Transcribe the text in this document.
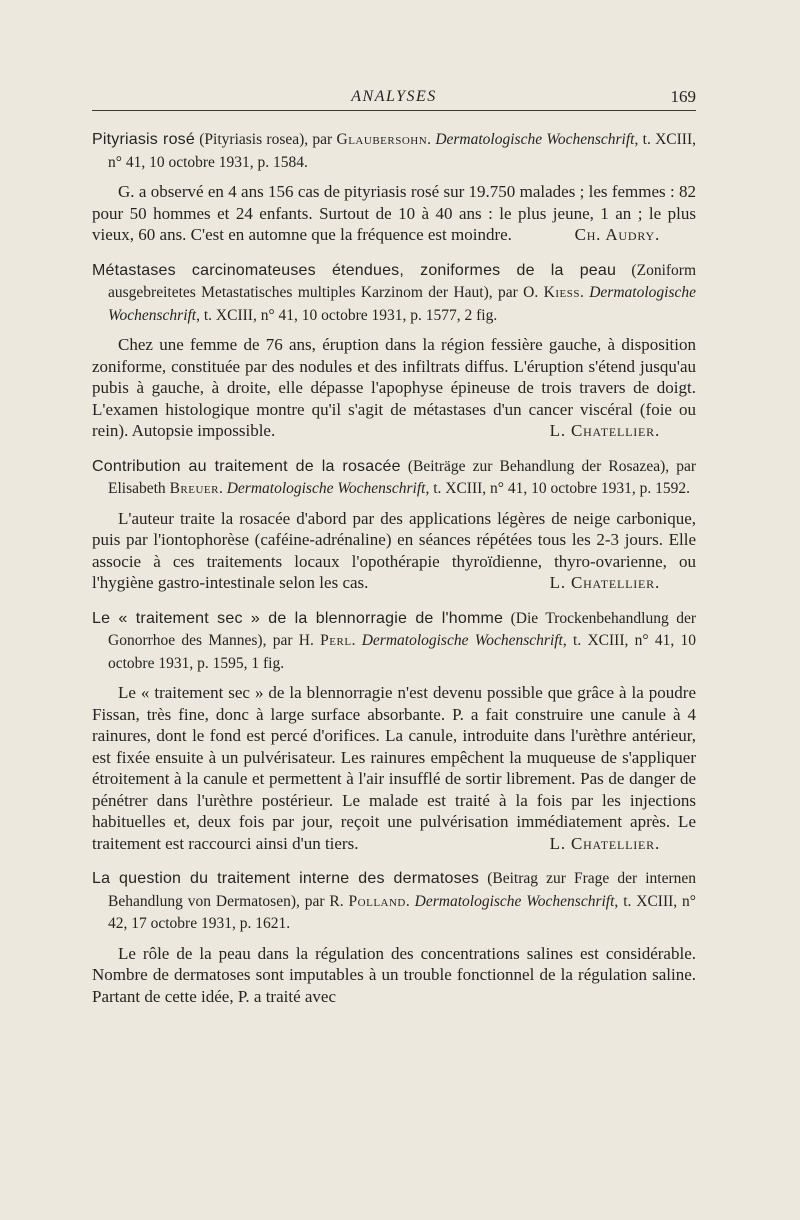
ANALYSES	169
Pityriasis rosé (Pityriasis rosea), par Glaubersohn. Dermatologische Wochenschrift, t. XCIII, n° 41, 10 octobre 1931, p. 1584.

G. a observé en 4 ans 156 cas de pityriasis rosé sur 19.750 malades ; les femmes : 82 pour 50 hommes et 24 enfants. Surtout de 10 à 40 ans : le plus jeune, 1 an ; le plus vieux, 60 ans. C'est en automne que la fréquence est moindre.	Ch. Audry.

Métastases carcinomateuses étendues, zoniformes de la peau (Zoniform ausgebreitetes Metastatisches multiples Karzinom der Haut), par O. Kiess. Dermatologische Wochenschrift, t. XCIII, n° 41, 10 octobre 1931, p. 1577, 2 fig.

Chez une femme de 76 ans, éruption dans la région fessière gauche, à disposition zoniforme, constituée par des nodules et des infiltrats diffus. L'éruption s'étend jusqu'au pubis à gauche, à droite, elle dépasse l'apophyse épineuse de trois travers de doigt. L'examen histologique montre qu'il s'agit de métastases d'un cancer viscéral (foie ou rein). Autopsie impossible.	L. Chatellier.

Contribution au traitement de la rosacée (Beiträge zur Behandlung der Rosazea), par Elisabeth Breuer. Dermatologische Wochenschrift, t. XCIII, n° 41, 10 octobre 1931, p. 1592.

L'auteur traite la rosacée d'abord par des applications légères de neige carbonique, puis par l'iontophorèse (caféine-adrénaline) en séances répétées tous les 2-3 jours. Elle associe à ces traitements locaux l'opothérapie thyroïdienne, thyro-ovarienne, ou l'hygiène gastro-intestinale selon les cas.	L. Chatellier.

Le « traitement sec » de la blennorragie de l'homme (Die Trockenbehandlung der Gonorrhoe des Mannes), par H. Perl. Dermatologische Wochenschrift, t. XCIII, n° 41, 10 octobre 1931, p. 1595, 1 fig.

Le « traitement sec » de la blennorragie n'est devenu possible que grâce à la poudre Fissan, très fine, donc à large surface absorbante. P. a fait construire une canule à 4 rainures, dont le fond est percé d'orifices. La canule, introduite dans l'urèthre antérieur, est fixée ensuite à un pulvérisateur. Les rainures empêchent la muqueuse de s'appliquer étroitement à la canule et permettent à l'air insufflé de sortir librement. Pas de danger de pénétrer dans l'urèthre postérieur. Le malade est traité à la fois par les injections habituelles et, deux fois par jour, reçoit une pulvérisation immédiatement après. Le traitement est raccourci ainsi d'un tiers.	L. Chatellier.

La question du traitement interne des dermatoses (Beitrag zur Frage der internen Behandlung von Dermatosen), par R. Polland. Dermatologische Wochenschrift, t. XCIII, n° 42, 17 octobre 1931, p. 1621.

Le rôle de la peau dans la régulation des concentrations salines est considérable. Nombre de dermatoses sont imputables à un trouble fonctionnel de la régulation saline. Partant de cette idée, P. a traité avec
